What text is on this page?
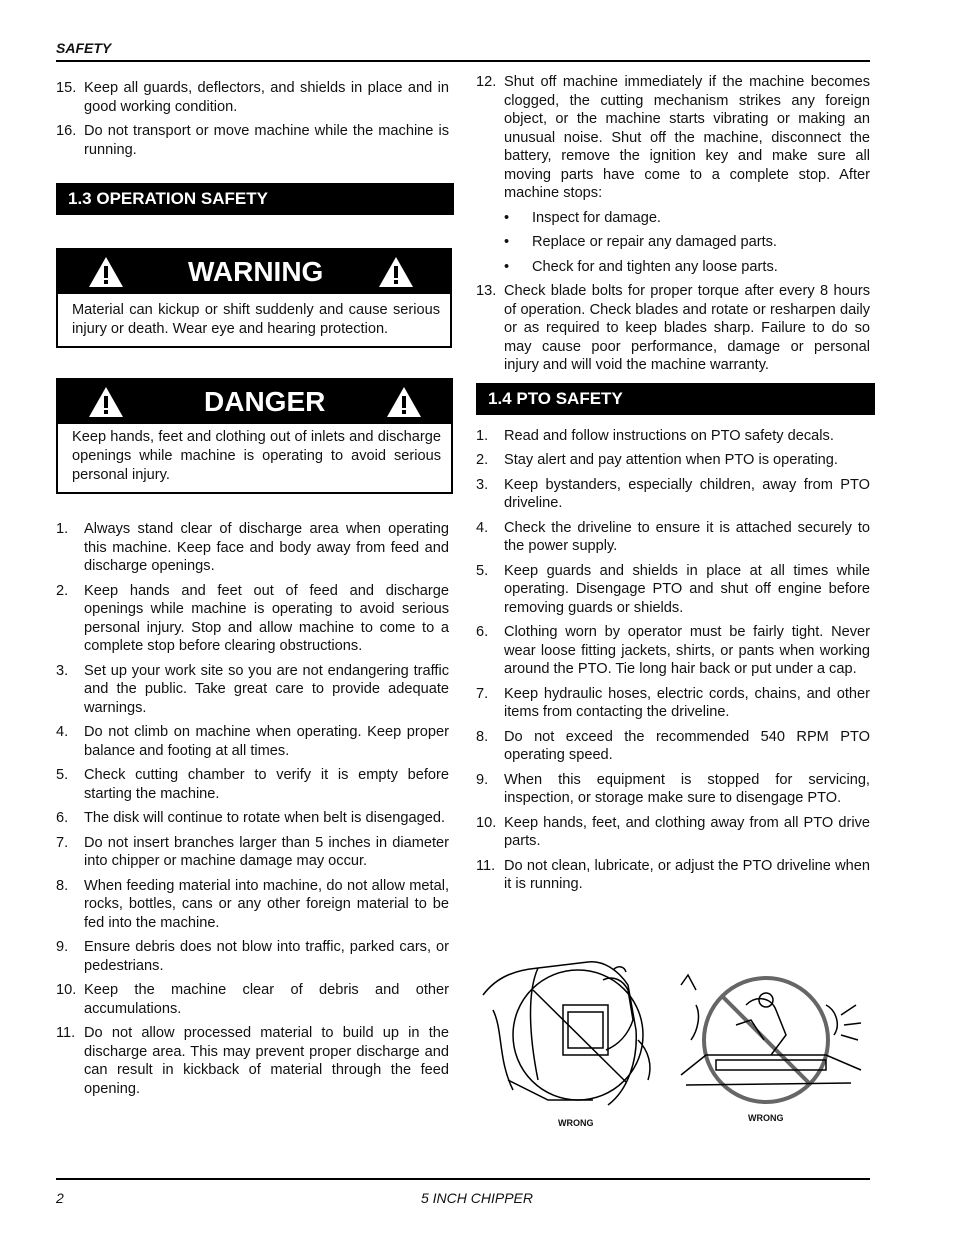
SAFETY
15. Keep all guards, deflectors, and shields in place and in good working condition.
16. Do not transport or move machine while the machine is running.
1.3 OPERATION SAFETY
WARNING
Material can kickup or shift suddenly and cause serious injury or death. Wear eye and hearing protection.
DANGER
Keep hands, feet and clothing out of inlets and discharge openings while machine is operating to avoid serious personal injury.
1.	Always stand clear of discharge area when operating this machine. Keep face and body away from feed and discharge openings.
2.	Keep hands and feet out of feed and discharge openings while machine is operating to avoid serious personal injury. Stop and allow machine to come to a complete stop before clearing obstructions.
3.	Set up your work site so you are not endangering traffic and the public. Take great care to provide adequate warnings.
4.	Do not climb on machine when operating. Keep proper balance and footing at all times.
5.	Check cutting chamber to verify it is empty before starting the machine.
6.	The disk will continue to rotate when belt is disengaged.
7.	Do not insert branches larger than 5 inches in diameter into chipper or machine damage may occur.
8.	When feeding material into machine, do not allow metal, rocks, bottles, cans or any other foreign material to be fed into the machine.
9.	Ensure debris does not blow into traffic, parked cars, or pedestrians.
10. Keep the machine clear of debris and other accumulations.
11. Do not allow processed material to build up in the discharge area. This may prevent proper discharge and can result in kickback of material through the feed opening.
12. Shut off machine immediately if the machine becomes clogged, the cutting mechanism strikes any foreign object, or the machine starts vibrating or making an unusual noise. Shut off the machine, disconnect the battery, remove the ignition key and make sure all moving parts have come to a complete stop. After machine stops:
•	Inspect for damage.
•	Replace or repair any damaged parts.
•	Check for and tighten any loose parts.
13. Check blade bolts for proper torque after every 8 hours of operation. Check blades and rotate or resharpen daily or as required to keep blades sharp. Failure to do so may cause poor performance, damage or personal injury and will void the machine warranty.
1.4 PTO SAFETY
1.	Read and follow instructions on PTO safety decals.
2.	Stay alert and pay attention when PTO is operating.
3.	Keep bystanders, especially children, away from PTO driveline.
4.	Check the driveline to ensure it is attached securely to the power supply.
5.	Keep guards and shields in place at all times while operating. Disengage PTO and shut off engine before removing guards or shields.
6.	Clothing worn by operator must be fairly tight. Never wear loose fitting jackets, shirts, or pants when working around the PTO. Tie long hair back or put under a cap.
7.	Keep hydraulic hoses, electric cords, chains, and other items from contacting the driveline.
8.	Do not exceed the recommended 540 RPM PTO operating speed.
9.	When this equipment is stopped for servicing, inspection, or storage make sure to disengage PTO.
10. Keep hands, feet, and clothing away from all PTO drive parts.
11. Do not clean, lubricate, or adjust the PTO driveline when it is running.
WRONG	WRONG
2	5 INCH CHIPPER
